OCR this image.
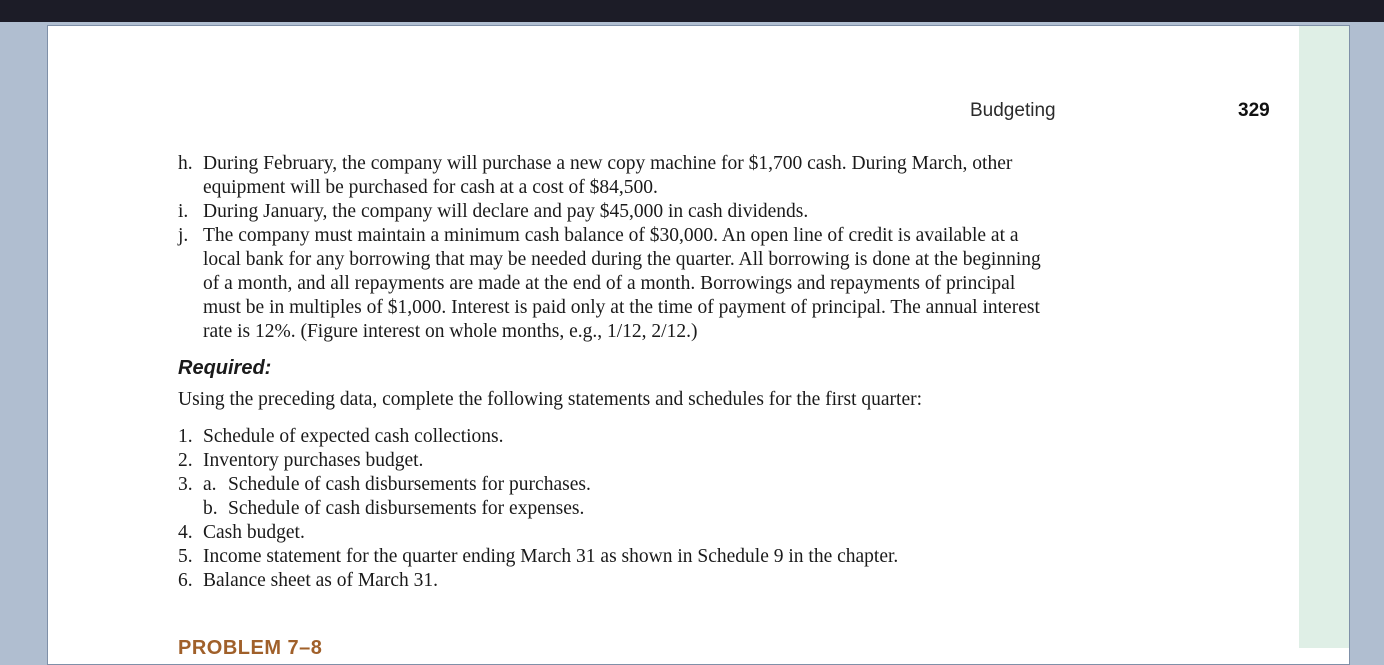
Budgeting	329
h. During February, the company will purchase a new copy machine for $1,700 cash. During March, other equipment will be purchased for cash at a cost of $84,500.
i. During January, the company will declare and pay $45,000 in cash dividends.
j. The company must maintain a minimum cash balance of $30,000. An open line of credit is available at a local bank for any borrowing that may be needed during the quarter. All borrowing is done at the beginning of a month, and all repayments are made at the end of a month. Borrowings and repayments of principal must be in multiples of $1,000. Interest is paid only at the time of payment of principal. The annual interest rate is 12%. (Figure interest on whole months, e.g., 1/12, 2/12.)
Required:
Using the preceding data, complete the following statements and schedules for the first quarter:
1. Schedule of expected cash collections.
2. Inventory purchases budget.
3. a. Schedule of cash disbursements for purchases.
b. Schedule of cash disbursements for expenses.
4. Cash budget.
5. Income statement for the quarter ending March 31 as shown in Schedule 9 in the chapter.
6. Balance sheet as of March 31.
PROBLEM 7–8
